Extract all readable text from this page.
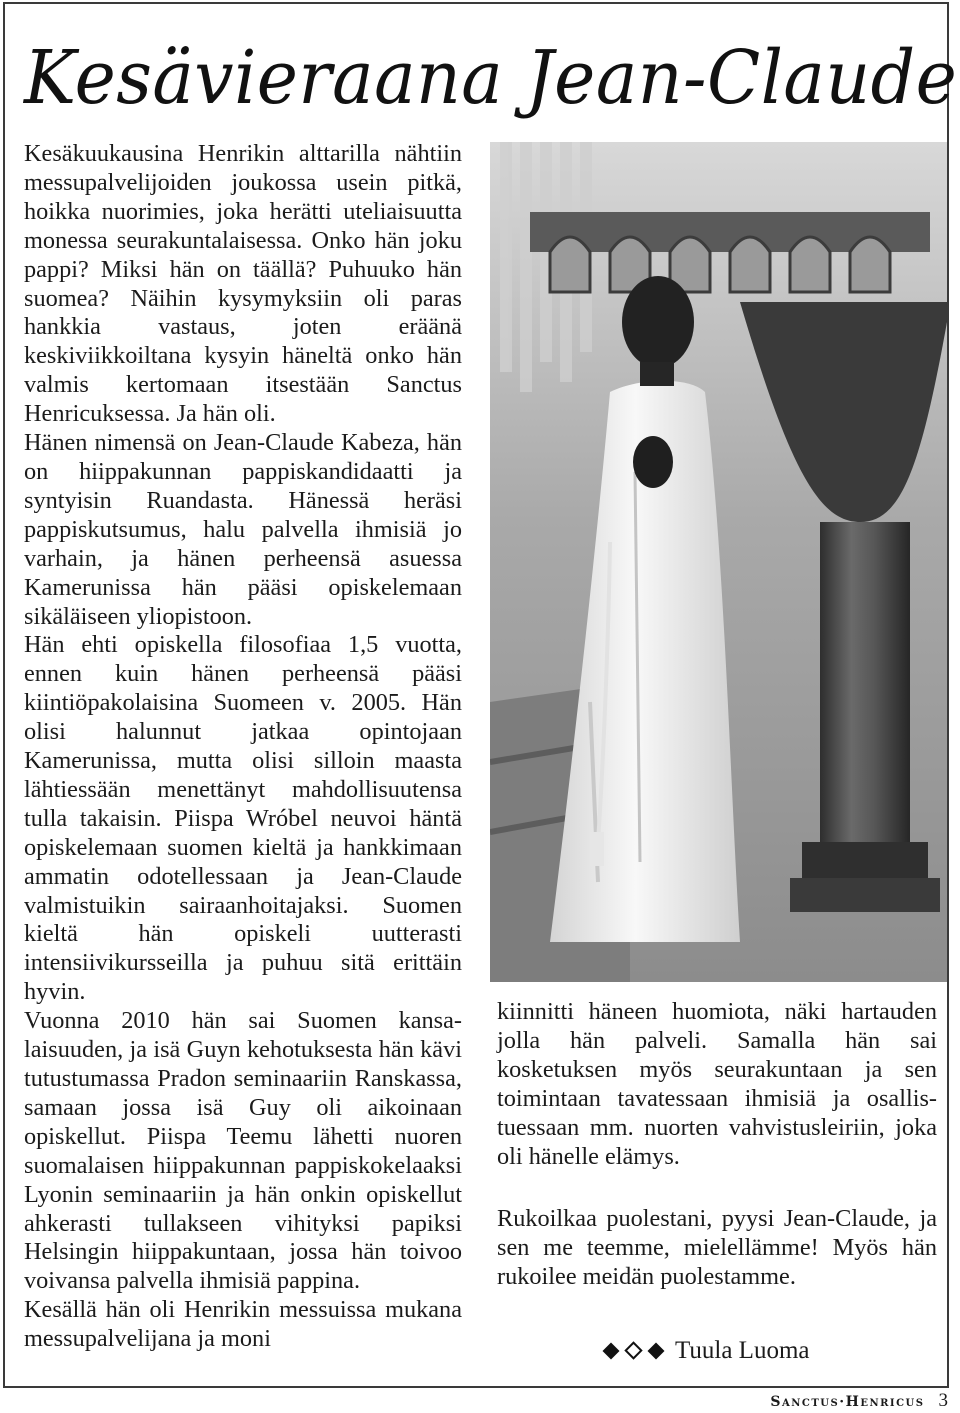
Kesävieraana Jean-Claude

Kesäkuukausina Henrikin alttarilla nähtiin messupalvelijoiden joukossa usein pitkä, hoikka nuorimies, joka herätti uteliaisuutta monessa seurakuntalaisessa. Onko hän joku pappi? Miksi hän on täällä? Puhuuko hän suomea? Näihin kysymyksiin oli paras hankkia vastaus, joten eräänä keskiviikkoiltana kysyin häneltä onko hän valmis kertomaan itsestään Sanctus Henricuksessa. Ja hän oli.

Hänen nimensä on Jean-Claude Kabeza, hän on hiippakunnan pappiskandidaatti ja syntyisin Ruandasta. Hänessä heräsi pappiskutsumus, halu palvella ihmisiä jo varhain, ja hänen perheensä asuessa Kamerunissa hän pääsi opiskelemaan sikäläiseen yliopistoon.

Hän ehti opiskella filosofiaa 1,5 vuotta, ennen kuin hänen perheensä pääsi kiintiöpakolaisina Suomeen v. 2005. Hän olisi halunnut jatkaa opintojaan Kamerunissa, mutta olisi silloin maasta lähtiessään menettänyt mahdollisuutensa tulla takaisin. Piispa Wróbel neuvoi häntä opiskelemaan suomen kieltä ja hankkimaan ammatin odotellessaan ja Jean-Claude valmistuikin sairaanhoitajaksi. Suomen kieltä hän opiskeli uutterasti intensiivikursseilla ja puhuu sitä erittäin hyvin.

Vuonna 2010 hän sai Suomen kansalaisuuden, ja isä Guyn kehotuksesta hän kävi tutustumassa Pradon seminaariin Ranskassa, samaan jossa isä Guy oli aikoinaan opiskellut. Piispa Teemu lähetti nuoren suomalaisen hiippakunnan pappiskokelaaksi Lyonin seminaariin ja hän onkin opiskellut ahkerasti tullakseen vihityksi papiksi Helsingin hiippakuntaan, jossa hän toivoo voivansa palvella ihmisiä pappina.

Kesällä hän oli Henrikin messuissa mukana messupalvelijana ja moni

kiinnitti häneen huomiota, näki hartauden jolla hän palveli. Samalla hän sai kosketuksen myös seurakuntaan ja sen toimintaan tavatessaan ihmisiä ja osallistuessaan mm. nuorten vahvistusleiriin, joka oli hänelle elämys.

Rukoilkaa puolestani, pyysi Jean-Claude, ja sen me teemme, mielellämme! Myös hän rukoilee meidän puolestamme.

Tuula Luoma
Sanctus·Henricus 3
